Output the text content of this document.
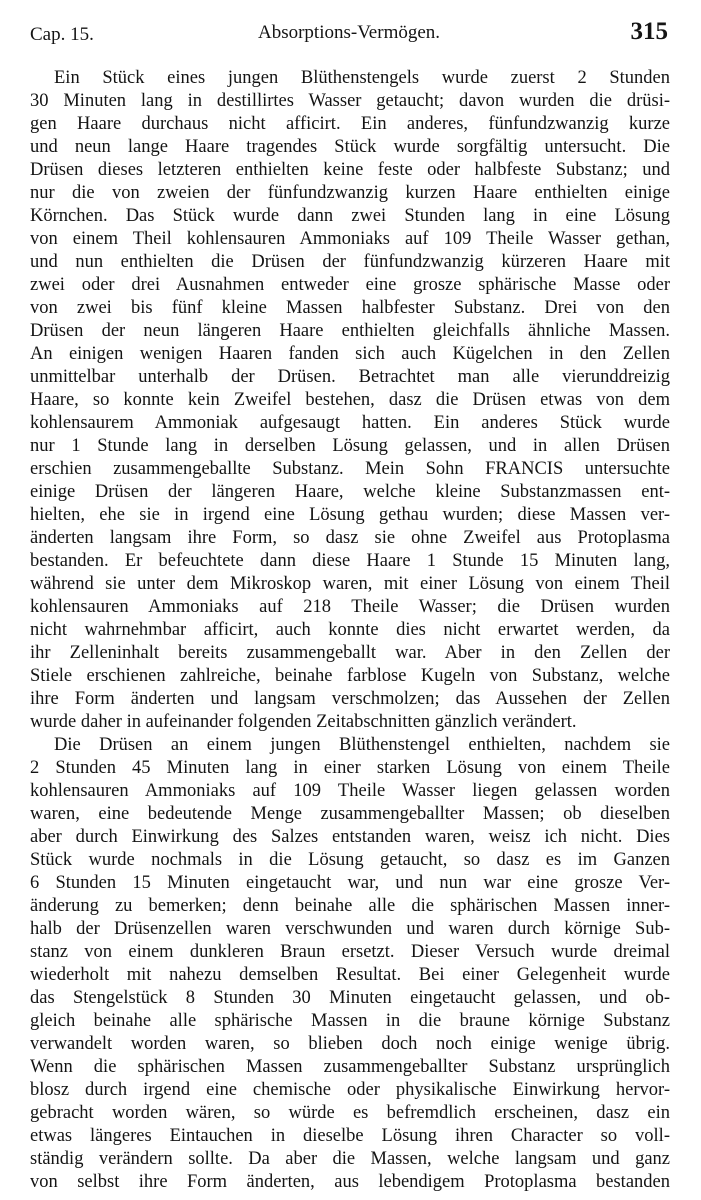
Cap. 15.	Absorptions-Vermögen.	315
Ein Stück eines jungen Blüthenstengels wurde zuerst 2 Stunden
30 Minuten lang in destillirtes Wasser getaucht; davon wurden die drüsi-
gen Haare durchaus nicht afficirt. Ein anderes, fünfundzwanzig kurze
und neun lange Haare tragendes Stück wurde sorgfältig untersucht. Die
Drüsen dieses letzteren enthielten keine feste oder halbfeste Substanz; und
nur die von zweien der fünfundzwanzig kurzen Haare enthielten einige
Körnchen. Das Stück wurde dann zwei Stunden lang in eine Lösung
von einem Theil kohlensauren Ammoniaks auf 109 Theile Wasser gethan,
und nun enthielten die Drüsen der fünfundzwanzig kürzeren Haare mit
zwei oder drei Ausnahmen entweder eine grosze sphärische Masse oder
von zwei bis fünf kleine Massen halbfester Substanz. Drei von den
Drüsen der neun längeren Haare enthielten gleichfalls ähnliche Massen.
An einigen wenigen Haaren fanden sich auch Kügelchen in den Zellen
unmittelbar unterhalb der Drüsen. Betrachtet man alle vierunddreizig
Haare, so konnte kein Zweifel bestehen, dasz die Drüsen etwas von dem
kohlensaurem Ammoniak aufgesaugt hatten. Ein anderes Stück wurde
nur 1 Stunde lang in derselben Lösung gelassen, und in allen Drüsen
erschien zusammengeballte Substanz. Mein Sohn FRANCIS untersuchte
einige Drüsen der längeren Haare, welche kleine Substanzmassen ent-
hielten, ehe sie in irgend eine Lösung gethau wurden; diese Massen ver-
änderten langsam ihre Form, so dasz sie ohne Zweifel aus Protoplasma
bestanden. Er befeuchtete dann diese Haare 1 Stunde 15 Minuten lang,
während sie unter dem Mikroskop waren, mit einer Lösung von einem Theil
kohlensauren Ammoniaks auf 218 Theile Wasser; die Drüsen wurden
nicht wahrnehmbar afficirt, auch konnte dies nicht erwartet werden, da
ihr Zelleninhalt bereits zusammengeballt war. Aber in den Zellen der
Stiele erschienen zahlreiche, beinahe farblose Kugeln von Substanz, welche
ihre Form änderten und langsam verschmolzen; das Aussehen der Zellen
wurde daher in aufeinander folgenden Zeitabschnitten gänzlich verändert.
Die Drüsen an einem jungen Blüthenstengel enthielten, nachdem sie
2 Stunden 45 Minuten lang in einer starken Lösung von einem Theile
kohlensauren Ammoniaks auf 109 Theile Wasser liegen gelassen worden
waren, eine bedeutende Menge zusammengeballter Massen; ob dieselben
aber durch Einwirkung des Salzes entstanden waren, weisz ich nicht. Dies
Stück wurde nochmals in die Lösung getaucht, so dasz es im Ganzen
6 Stunden 15 Minuten eingetaucht war, und nun war eine grosze Ver-
änderung zu bemerken; denn beinahe alle die sphärischen Massen inner-
halb der Drüsenzellen waren verschwunden und waren durch körnige Sub-
stanz von einem dunkleren Braun ersetzt. Dieser Versuch wurde dreimal
wiederholt mit nahezu demselben Resultat. Bei einer Gelegenheit wurde
das Stengelstück 8 Stunden 30 Minuten eingetaucht gelassen, und ob-
gleich beinahe alle sphärische Massen in die braune körnige Substanz
verwandelt worden waren, so blieben doch noch einige wenige übrig.
Wenn die sphärischen Massen zusammengeballter Substanz ursprünglich
blosz durch irgend eine chemische oder physikalische Einwirkung hervor-
gebracht worden wären, so würde es befremdlich erscheinen, dasz ein
etwas längeres Eintauchen in dieselbe Lösung ihren Character so voll-
ständig verändern sollte. Da aber die Massen, welche langsam und ganz
von selbst ihre Form änderten, aus lebendigem Protoplasma bestanden
